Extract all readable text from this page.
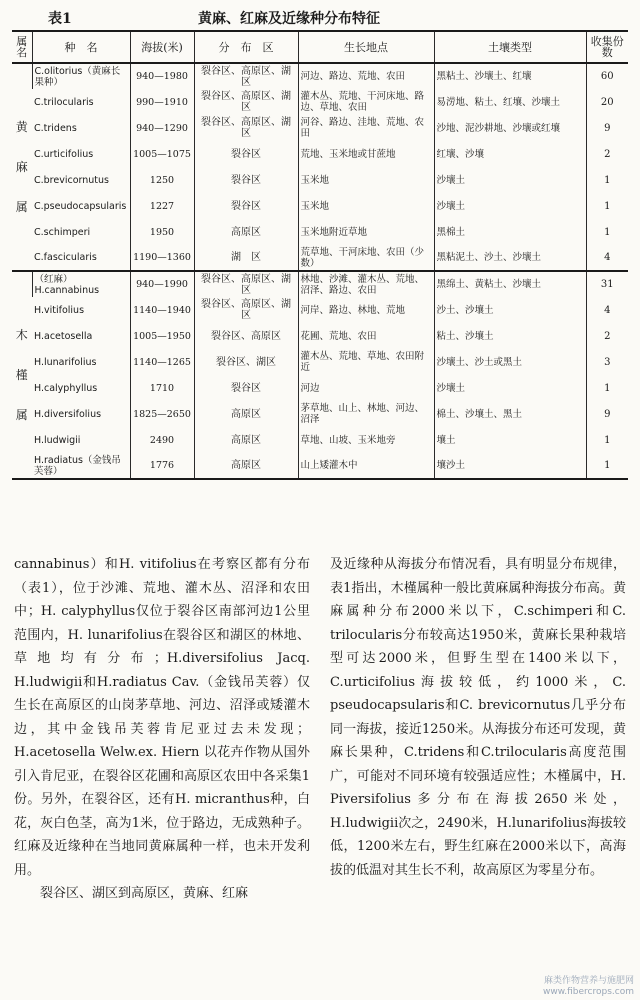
表1	黄麻、红麻及近缘种分布特征
属名	种　名	海拔(米)	分　布　区	生长地点	土壤类型	收集份数
黄

麻

属	C.olitorius（黄麻长果种）	940—1980	裂谷区、高原区、湖区	河边、路边、荒地、农田	黑粘土、沙壤土、红壤	60
	C.trilocularis	990—1910	裂谷区、高原区、湖区	灌木丛、荒地、干河床地、路边、草地、农田	易涝地、粘土、红壤、沙壤土	20
	C.tridens	940—1290	裂谷区、高原区、湖区	河谷、路边、洼地、荒地、农田	沙地、泥沙耕地、沙壤或红壤	9
	C.urticifolius	1005—1075	裂谷区	荒地、玉米地或甘蔗地	红壤、沙壤	2
	C.brevicornutus	1250	裂谷区	玉米地	沙壤土	1
	C.pseudocapsularis	1227	裂谷区	玉米地	沙壤土	1
	C.schimperi	1950	高原区	玉米地附近草地	黑棉土	1
	C.fascicularis	1190—1360	湖　区	荒草地、干河床地、农田（少数）	黑粘泥土、沙土、沙壤土	4
木

槿

属	（红麻）H.cannabinus	940—1990	裂谷区、高原区、湖区	林地、沙滩、灌木丛、荒地、沼泽、路边、农田	黑绵土、黄粘土、沙壤土	31
	H.vitifolius	1140—1940	裂谷区、高原区、湖区	河岸、路边、林地、荒地	沙土、沙壤土	4
	H.acetosella	1005—1950	裂谷区、高原区	花圃、荒地、农田	粘土、沙壤土	2
	H.lunarifolius	1140—1265	裂谷区、湖区	灌木丛、荒地、草地、农田附近	沙壤土、沙土或黑土	3
	H.calyphyllus	1710	裂谷区	河边	沙壤土	1
	H.diversifolius	1825—2650	高原区	茅草地、山上、林地、河边、沼泽	棉土、沙壤土、黑土	9
	H.ludwigii	2490	高原区	草地、山坡、玉米地旁	壤土	1
	H.radiatus（金钱吊芙蓉）	1776	高原区	山上矮灌木中	壤沙土	1

cannabinus）和H. vitifolius在考察区都有分布（表1），位于沙滩、荒地、灌木丛、沼泽和农田中；H. calyphyllus仅位于裂谷区南部河边1公里范围内，H. lunarifolius在裂谷区和湖区的林地、草地均有分布；H.diversifolius Jacq. H.ludwigii和H.radiatus Cav.（金钱吊芙蓉）仅生长在高原区的山岗茅草地、河边、沼泽或矮灌木边，其中金钱吊芙蓉肯尼亚过去未发现；H.acetosella Welw.ex. Hiern 以花卉作物从国外引入肯尼亚，在裂谷区花圃和高原区农田中各采集1份。另外，在裂谷区，还有H. micranthus种，白花，灰白色茎，高为1米，位于路边，无成熟种子。红麻及近缘种在当地同黄麻属种一样，也未开发利用。

裂谷区、湖区到高原区，黄麻、红麻

及近缘种从海拔分布情况看，具有明显分布规律，表1指出，木槿属种一般比黄麻属种海拔分布高。黄麻属种分布2000米以下，C.schimperi和C. trilocularis分布较高达1950米，黄麻长果种栽培型可达2000米，但野生型在1400米以下，C.urticifolius海拔较低，约1000米，C. pseudocapsularis和C. brevicornutus几乎分布同一海拔，接近1250米。从海拔分布还可发现，黄麻长果种，C.tridens和C.trilocularis高度范围广，可能对不同环境有较强适应性；木槿属中，H. Piversifolius多分布在海拔2650米处，H.ludwigii次之，2490米，H.lunarifolius海拔较低，1200米左右，野生红麻在2000米以下，高海拔的低温对其生长不利，故高原区为零星分布。

麻类作物营养与施肥网
www.fibercrops.com
